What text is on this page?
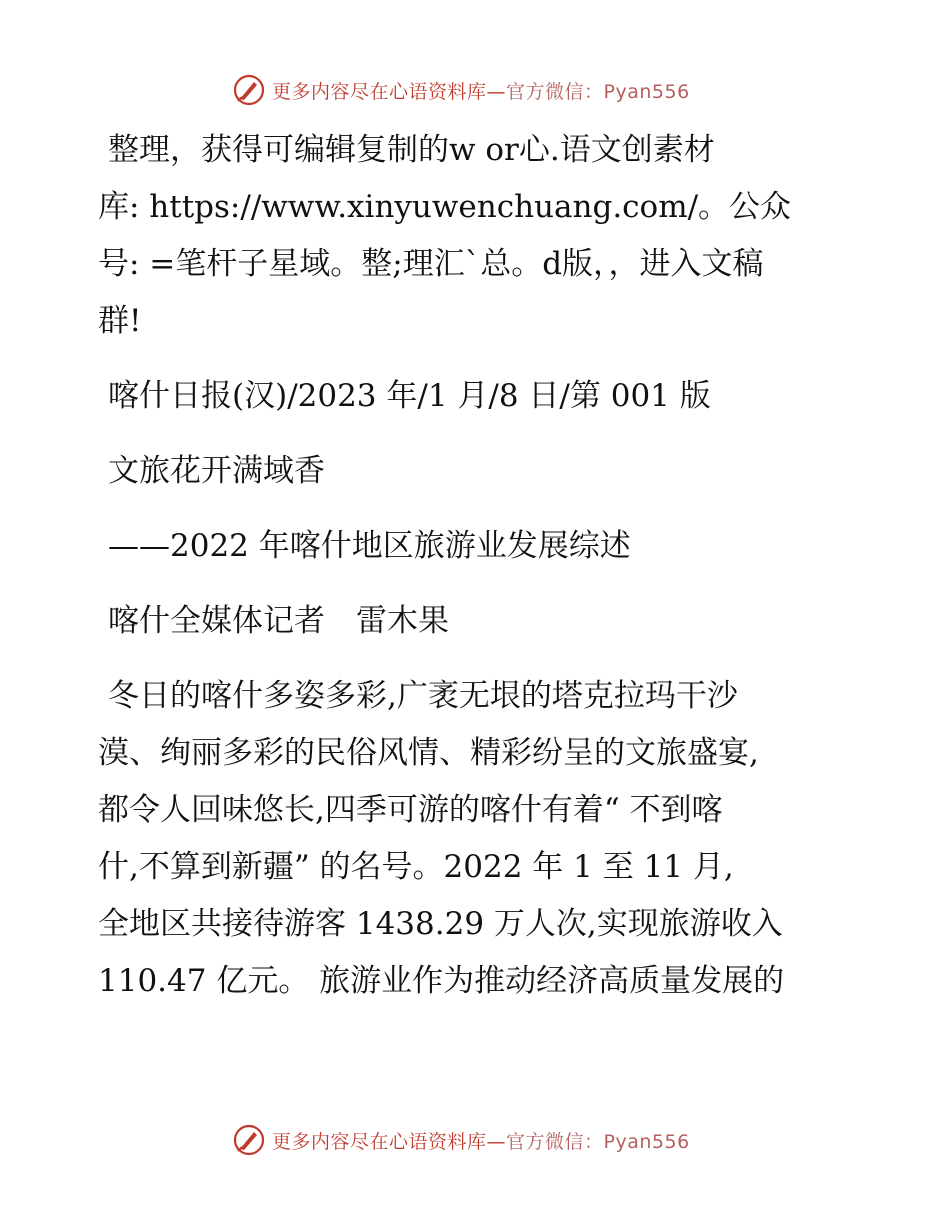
更多内容尽在心语资料库—官方微信：Pyan556

整理，获得可编辑复制的w or心.语文创素材

库: https://www.xinyuwenchuang.com/。公众

号: =笔杆子星域。整;理汇ˋ总。d版，，进入文稿

群!

喀什日报(汉)/2023 年/1 月/8 日/第 001 版

文旅花开满域香

——2022 年喀什地区旅游业发展综述

喀什全媒体记者　雷木果

冬日的喀什多姿多彩,广袤无垠的塔克拉玛干沙

漠、绚丽多彩的民俗风情、精彩纷呈的文旅盛宴,

都令人回味悠长,四季可游的喀什有着“ 不到喀

什,不算到新疆” 的名号。2022 年 1 至 11 月,

全地区共接待游客 1438.29 万人次,实现旅游收入

110.47 亿元。 旅游业作为推动经济高质量发展的

更多内容尽在心语资料库—官方微信：Pyan556
